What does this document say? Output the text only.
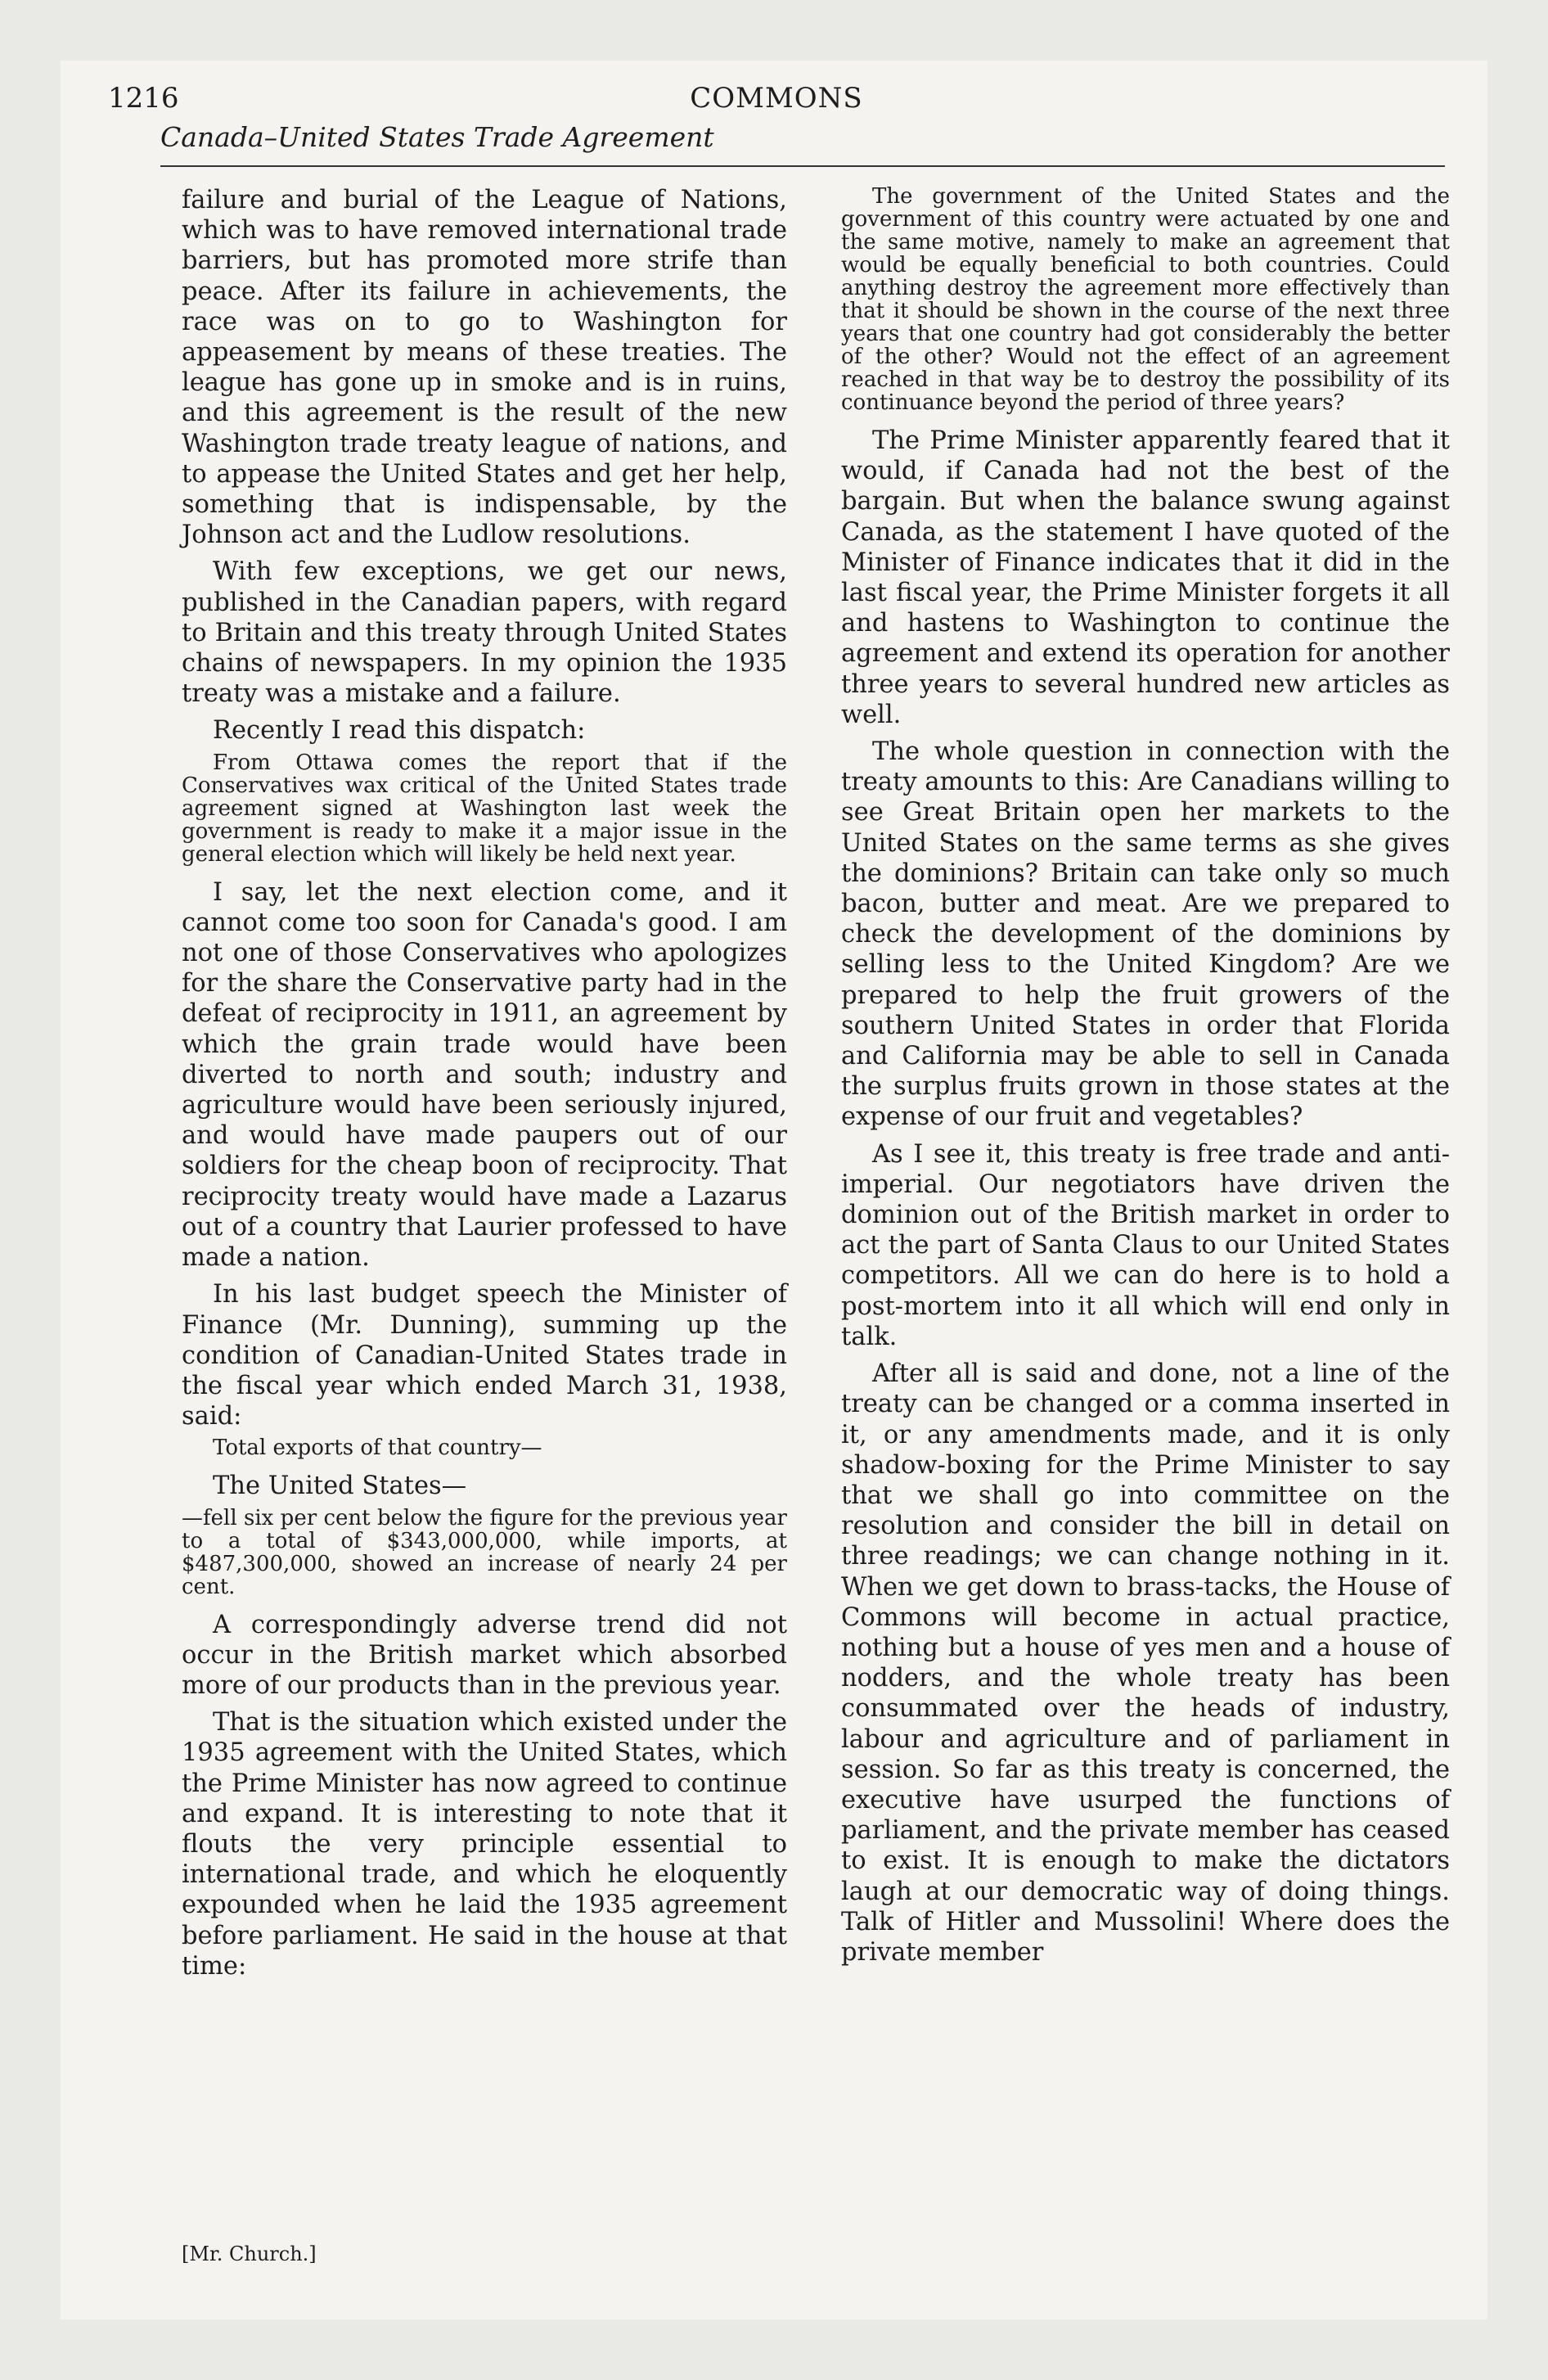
1216	COMMONS
Canada–United States Trade Agreement

failure and burial of the League of Nations, which was to have removed international trade barriers, but has promoted more strife than peace. After its failure in achievements, the race was on to go to Washington for appeasement by means of these treaties. The league has gone up in smoke and is in ruins, and this agreement is the result of the new Washington trade treaty league of nations, and to appease the United States and get her help, something that is indispensable, by the Johnson act and the Ludlow resolutions.

With few exceptions, we get our news, published in the Canadian papers, with regard to Britain and this treaty through United States chains of newspapers. In my opinion the 1935 treaty was a mistake and a failure.

Recently I read this dispatch:

From Ottawa comes the report that if the Conservatives wax critical of the United States trade agreement signed at Washington last week the government is ready to make it a major issue in the general election which will likely be held next year.

I say, let the next election come, and it cannot come too soon for Canada's good. I am not one of those Conservatives who apologizes for the share the Conservative party had in the defeat of reciprocity in 1911, an agreement by which the grain trade would have been diverted to north and south; industry and agriculture would have been seriously injured, and would have made paupers out of our soldiers for the cheap boon of reciprocity. That reciprocity treaty would have made a Lazarus out of a country that Laurier professed to have made a nation.

In his last budget speech the Minister of Finance (Mr. Dunning), summing up the condition of Canadian-United States trade in the fiscal year which ended March 31, 1938, said:

Total exports of that country—

The United States—

—fell six per cent below the figure for the previous year to a total of $343,000,000, while imports, at $487,300,000, showed an increase of nearly 24 per cent.

A correspondingly adverse trend did not occur in the British market which absorbed more of our products than in the previous year.

That is the situation which existed under the 1935 agreement with the United States, which the Prime Minister has now agreed to continue and expand. It is interesting to note that it flouts the very principle essential to international trade, and which he eloquently expounded when he laid the 1935 agreement before parliament. He said in the house at that time:

The government of the United States and the government of this country were actuated by one and the same motive, namely to make an agreement that would be equally beneficial to both countries. Could anything destroy the agreement more effectively than that it should be shown in the course of the next three years that one country had got considerably the better of the other? Would not the effect of an agreement reached in that way be to destroy the possibility of its continuance beyond the period of three years?

The Prime Minister apparently feared that it would, if Canada had not the best of the bargain. But when the balance swung against Canada, as the statement I have quoted of the Minister of Finance indicates that it did in the last fiscal year, the Prime Minister forgets it all and hastens to Washington to continue the agreement and extend its operation for another three years to several hundred new articles as well.

The whole question in connection with the treaty amounts to this: Are Canadians willing to see Great Britain open her markets to the United States on the same terms as she gives the dominions? Britain can take only so much bacon, butter and meat. Are we prepared to check the development of the dominions by selling less to the United Kingdom? Are we prepared to help the fruit growers of the southern United States in order that Florida and California may be able to sell in Canada the surplus fruits grown in those states at the expense of our fruit and vegetables?

As I see it, this treaty is free trade and anti-imperial. Our negotiators have driven the dominion out of the British market in order to act the part of Santa Claus to our United States competitors. All we can do here is to hold a post-mortem into it all which will end only in talk.

After all is said and done, not a line of the treaty can be changed or a comma inserted in it, or any amendments made, and it is only shadow-boxing for the Prime Minister to say that we shall go into committee on the resolution and consider the bill in detail on three readings; we can change nothing in it. When we get down to brass-tacks, the House of Commons will become in actual practice, nothing but a house of yes men and a house of nodders, and the whole treaty has been consummated over the heads of industry, labour and agriculture and of parliament in session. So far as this treaty is concerned, the executive have usurped the functions of parliament, and the private member has ceased to exist. It is enough to make the dictators laugh at our democratic way of doing things. Talk of Hitler and Mussolini! Where does the private member

[Mr. Church.]
